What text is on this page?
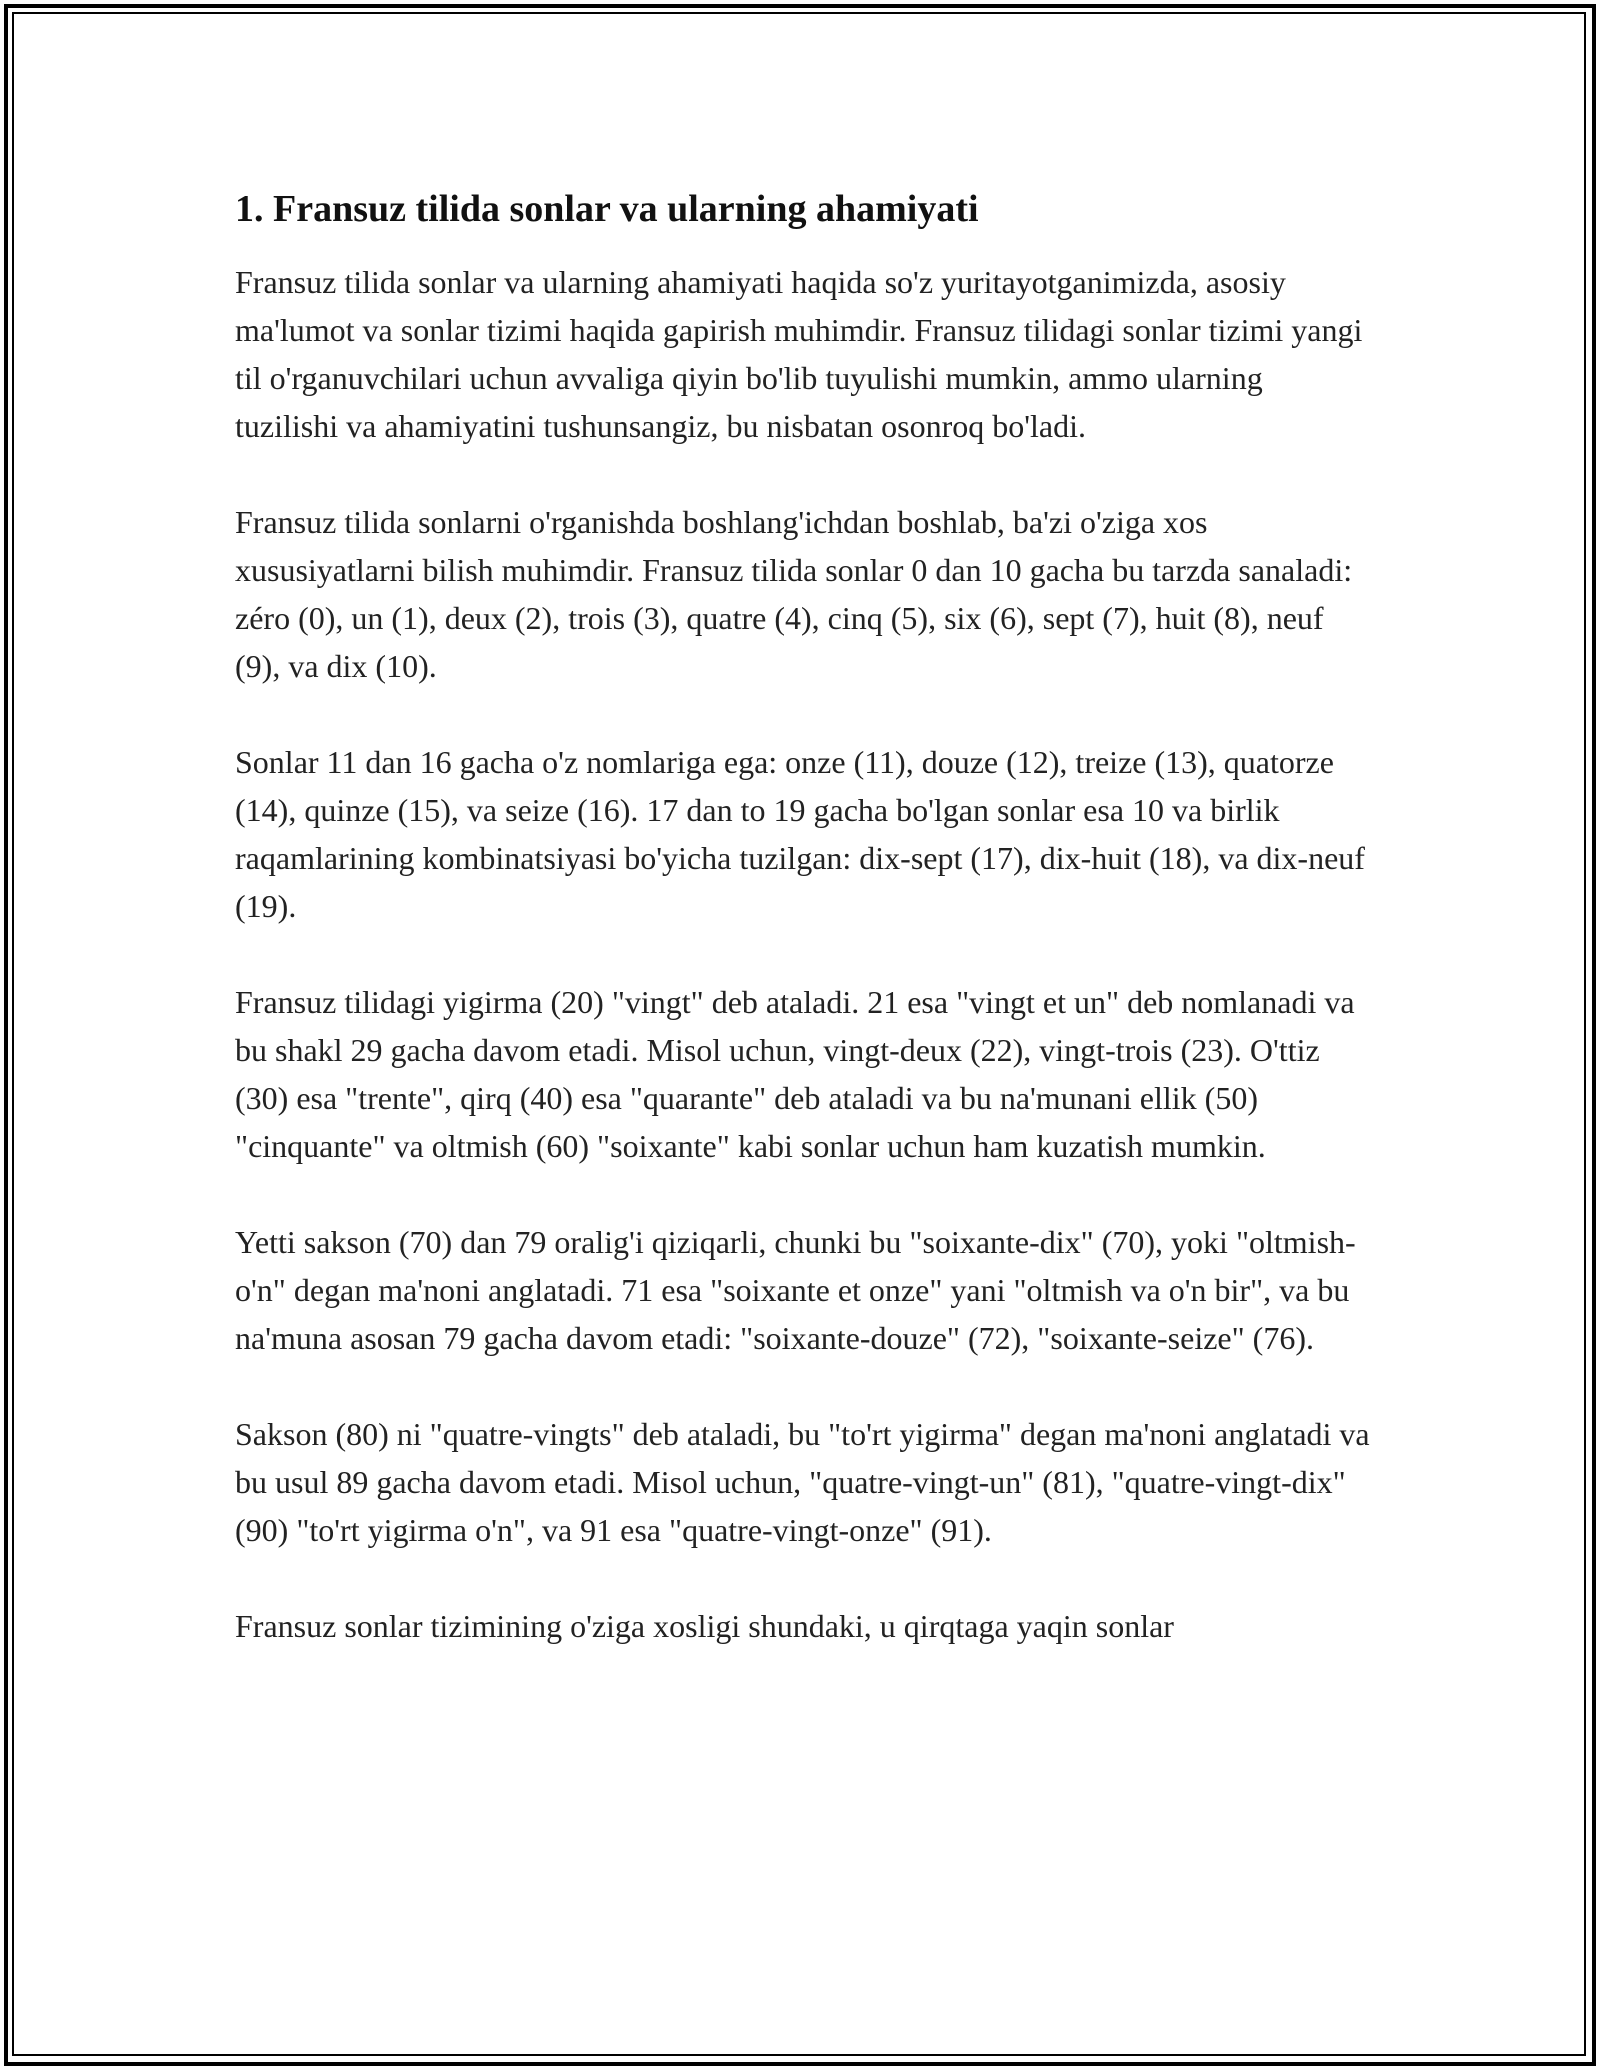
1. Fransuz tilida sonlar va ularning ahamiyati

Fransuz tilida sonlar va ularning ahamiyati haqida so'z yuritayotganimizda, asosiy ma'lumot va sonlar tizimi haqida gapirish muhimdir. Fransuz tilidagi sonlar tizimi yangi til o'rganuvchilari uchun avvaliga qiyin bo'lib tuyulishi mumkin, ammo ularning tuzilishi va ahamiyatini tushunsangiz, bu nisbatan osonroq bo'ladi.

Fransuz tilida sonlarni o'rganishda boshlang'ichdan boshlab, ba'zi o'ziga xos xususiyatlarni bilish muhimdir. Fransuz tilida sonlar 0 dan 10 gacha bu tarzda sanaladi: zéro (0), un (1), deux (2), trois (3), quatre (4), cinq (5), six (6), sept (7), huit (8), neuf (9), va dix (10).

Sonlar 11 dan 16 gacha o'z nomlariga ega: onze (11), douze (12), treize (13), quatorze (14), quinze (15), va seize (16). 17 dan to 19 gacha bo'lgan sonlar esa 10 va birlik raqamlarining kombinatsiyasi bo'yicha tuzilgan: dix-sept (17), dix-huit (18), va dix-neuf (19).

Fransuz tilidagi yigirma (20) "vingt" deb ataladi. 21 esa "vingt et un" deb nomlanadi va bu shakl 29 gacha davom etadi. Misol uchun, vingt-deux (22), vingt-trois (23). O'ttiz (30) esa "trente", qirq (40) esa "quarante" deb ataladi va bu na'munani ellik (50) "cinquante" va oltmish (60) "soixante" kabi sonlar uchun ham kuzatish mumkin.

Yetti sakson (70) dan 79 oralig'i qiziqarli, chunki bu "soixante-dix" (70), yoki "oltmish-o'n" degan ma'noni anglatadi. 71 esa "soixante et onze" yani "oltmish va o'n bir", va bu na'muna asosan 79 gacha davom etadi: "soixante-douze" (72), "soixante-seize" (76).

Sakson (80) ni "quatre-vingts" deb ataladi, bu "to'rt yigirma" degan ma'noni anglatadi va bu usul 89 gacha davom etadi. Misol uchun, "quatre-vingt-un" (81), "quatre-vingt-dix" (90) "to'rt yigirma o'n", va 91 esa "quatre-vingt-onze" (91).

Fransuz sonlar tizimining o'ziga xosligi shundaki, u qirqtaga yaqin sonlar
